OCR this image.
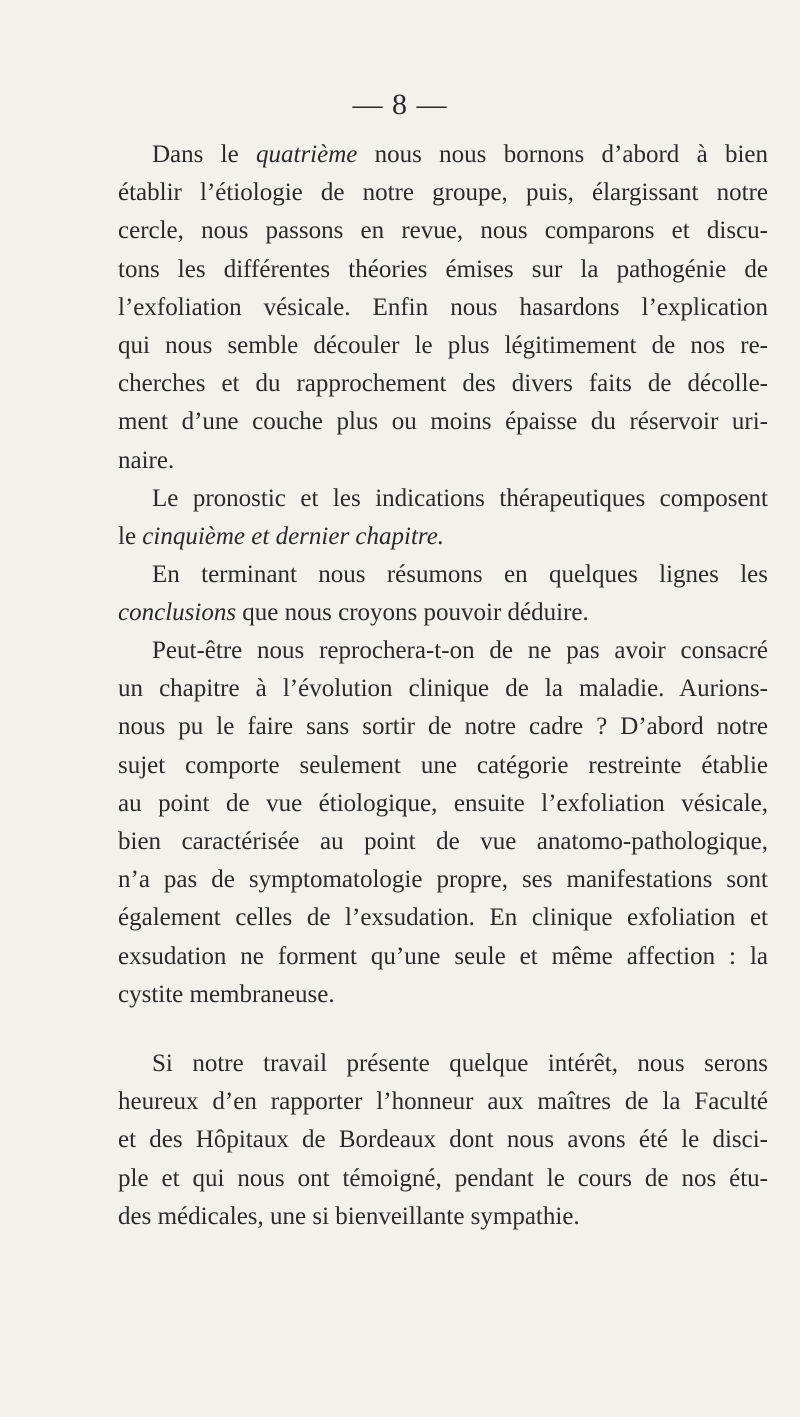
— 8 —
Dans le quatrième nous nous bornons d’abord à bien
établir l’étiologie de notre groupe, puis, élargissant notre
cercle, nous passons en revue, nous comparons et discu-
tons les différentes théories émises sur la pathogénie de
l’exfoliation vésicale. Enfin nous hasardons l’explication
qui nous semble découler le plus légitimement de nos re-
cherches et du rapprochement des divers faits de décolle-
ment d’une couche plus ou moins épaisse du réservoir uri-
naire.
Le pronostic et les indications thérapeutiques composent
le cinquième et dernier chapitre.
En terminant nous résumons en quelques lignes les
conclusions que nous croyons pouvoir déduire.
Peut-être nous reprochera-t-on de ne pas avoir consacré
un chapitre à l’évolution clinique de la maladie. Aurions-
nous pu le faire sans sortir de notre cadre ? D’abord notre
sujet comporte seulement une catégorie restreinte établie
au point de vue étiologique, ensuite l’exfoliation vésicale,
bien caractérisée au point de vue anatomo-pathologique,
n’a pas de symptomatologie propre, ses manifestations sont
également celles de l’exsudation. En clinique exfoliation et
exsudation ne forment qu’une seule et même affection : la
cystite membraneuse.
Si notre travail présente quelque intérêt, nous serons
heureux d’en rapporter l’honneur aux maîtres de la Faculté
et des Hôpitaux de Bordeaux dont nous avons été le disci-
ple et qui nous ont témoigné, pendant le cours de nos étu-
des médicales, une si bienveillante sympathie.
